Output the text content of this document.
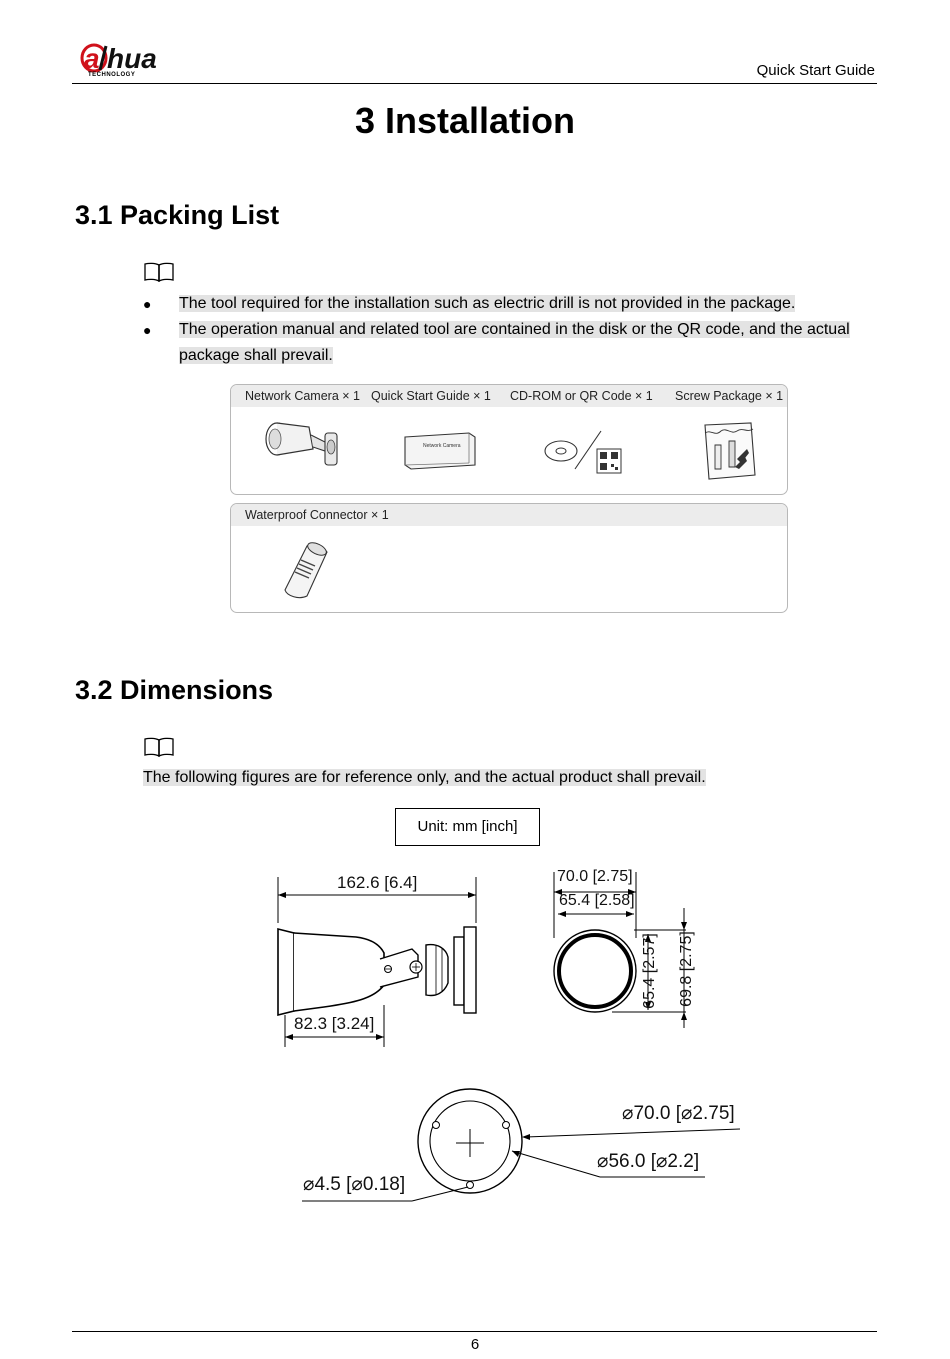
a hua
TECHNOLOGY	Quick Start Guide
3 Installation
3.1 Packing List
● The tool required for the installation such as electric drill is not provided in the package.
● The operation manual and related tool are contained in the disk or the QR code, and the actual package shall prevail.
Network Camera × 1 Quick Start Guide × 1 CD-ROM or QR Code × 1 Screw Package × 1
Network Camera
Waterproof Connector × 1
3.2 Dimensions
The following figures are for reference only, and the actual product shall prevail.
Unit: mm [inch]
162.6 [6.4]
82.3 [3.24]
70.0 [2.75]
65.4 [2.58]
65.4 [2.57] 69.8 [2.75]
⌀70.0 [⌀2.75]
⌀56.0 [⌀2.2]
⌀4.5 [⌀0.18]
6
